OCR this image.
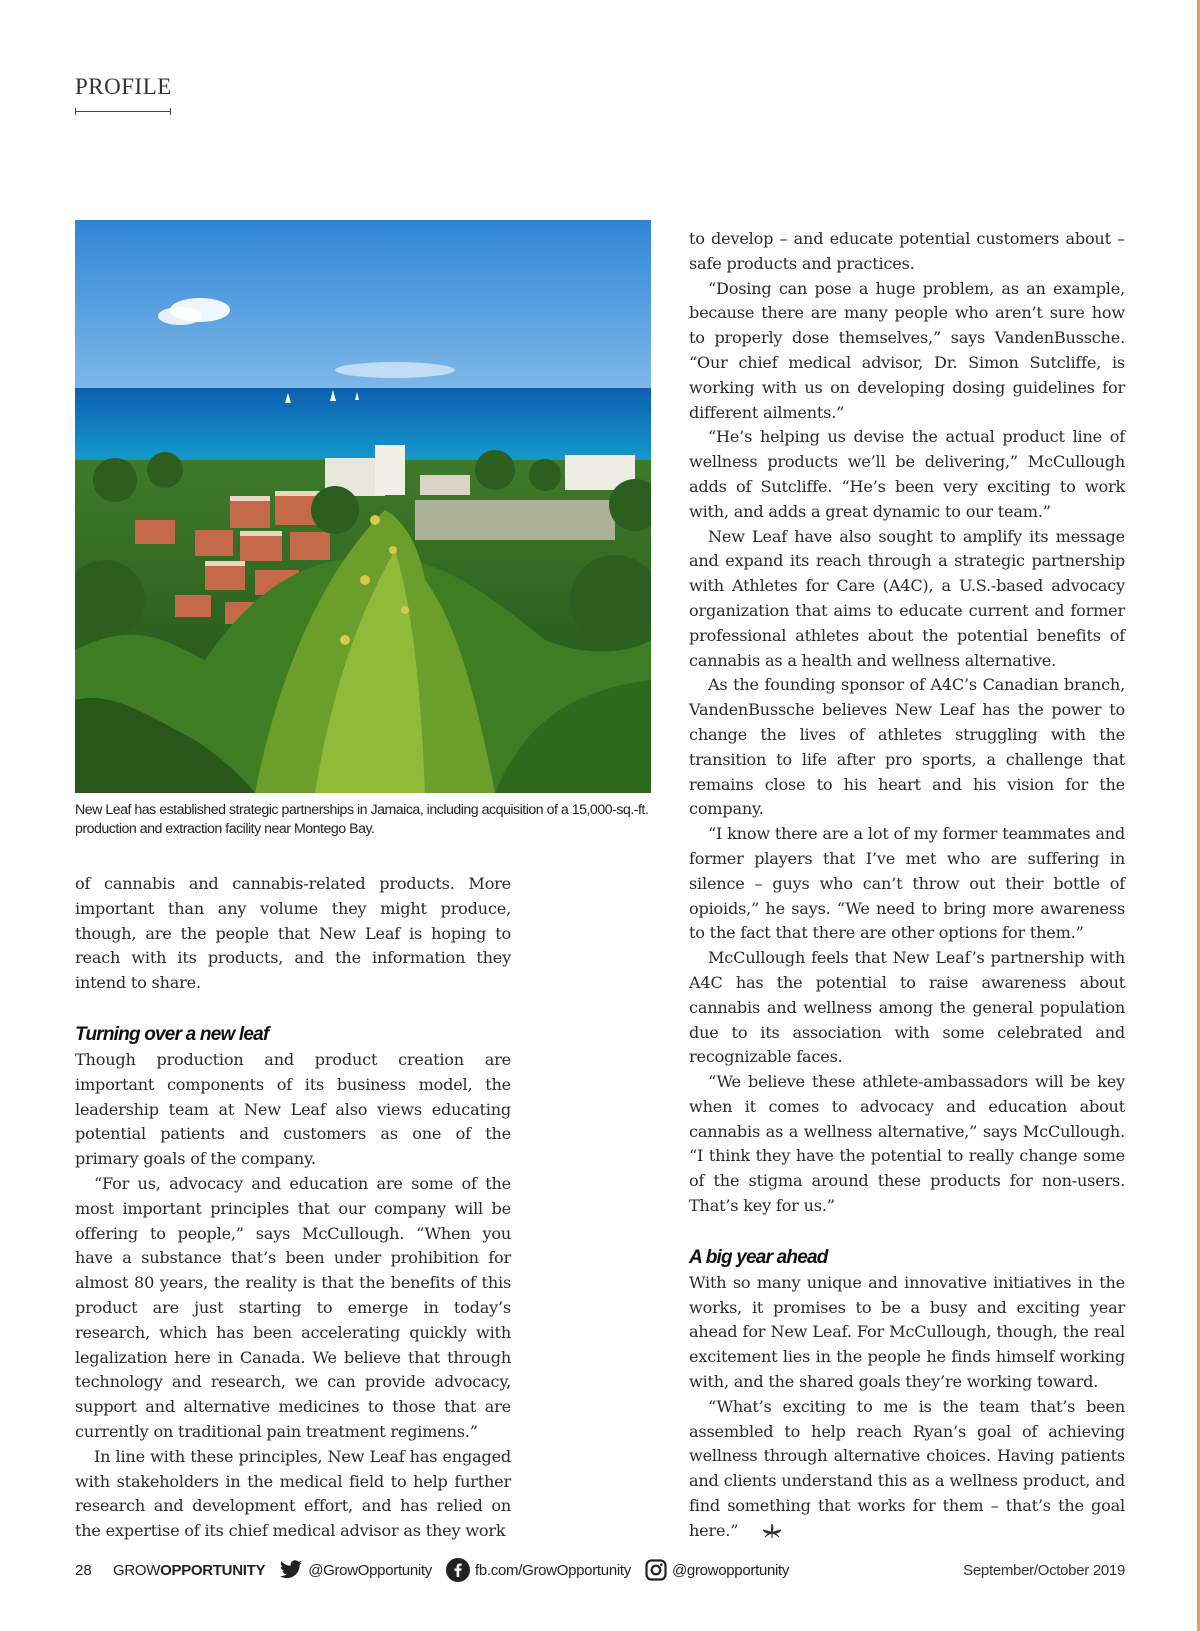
PROFILE
New Leaf has established strategic partnerships in Jamaica, including acquisition of a 15,000-sq.-ft. production and extraction facility near Montego Bay.

of cannabis and cannabis-related products. More important than any volume they might produce, though, are the people that New Leaf is hoping to reach with its products, and the information they intend to share.

Turning over a new leaf

Though production and product creation are important components of its business model, the leadership team at New Leaf also views educating potential patients and customers as one of the primary goals of the company.

“For us, advocacy and education are some of the most important principles that our company will be offering to people,” says McCullough. “When you have a substance that’s been under prohibition for almost 80 years, the reality is that the benefits of this product are just starting to emerge in today’s research, which has been accelerating quickly with legalization here in Canada. We believe that through technology and research, we can provide advocacy, support and alternative medicines to those that are currently on traditional pain treatment regimens.”

In line with these principles, New Leaf has engaged with stakeholders in the medical field to help further research and development effort, and has relied on the expertise of its chief medical advisor as they work

to develop – and educate potential customers about – safe products and practices.

“Dosing can pose a huge problem, as an example, because there are many people who aren’t sure how to properly dose themselves,” says VandenBussche. “Our chief medical advisor, Dr. Simon Sutcliffe, is working with us on developing dosing guidelines for different ailments.”

“He’s helping us devise the actual product line of wellness products we’ll be delivering,” McCullough adds of Sutcliffe. “He’s been very exciting to work with, and adds a great dynamic to our team.”

New Leaf have also sought to amplify its message and expand its reach through a strategic partnership with Athletes for Care (A4C), a U.S.-based advocacy organization that aims to educate current and former professional athletes about the potential benefits of cannabis as a health and wellness alternative.

As the founding sponsor of A4C’s Canadian branch, VandenBussche believes New Leaf has the power to change the lives of athletes struggling with the transition to life after pro sports, a challenge that remains close to his heart and his vision for the company.

“I know there are a lot of my former teammates and former players that I’ve met who are suffering in silence – guys who can’t throw out their bottle of opioids,” he says. “We need to bring more awareness to the fact that there are other options for them.”

McCullough feels that New Leaf’s partnership with A4C has the potential to raise awareness about cannabis and wellness among the general population due to its association with some celebrated and recognizable faces.

“We believe these athlete-ambassadors will be key when it comes to advocacy and education about cannabis as a wellness alternative,” says McCullough. “I think they have the potential to really change some of the stigma around these products for non-users. That’s key for us.”

A big year ahead

With so many unique and innovative initiatives in the works, it promises to be a busy and exciting year ahead for New Leaf. For McCullough, though, the real excitement lies in the people he finds himself working with, and the shared goals they’re working toward.

“What’s exciting to me is the team that’s been assembled to help reach Ryan’s goal of achieving wellness through alternative choices. Having patients and clients understand this as a wellness product, and find something that works for them – that’s the goal here.”

28	GROWOPPORTUNITY	@GrowOpportunity	fb.com/GrowOpportunity	@growopportunity	September/October 2019
